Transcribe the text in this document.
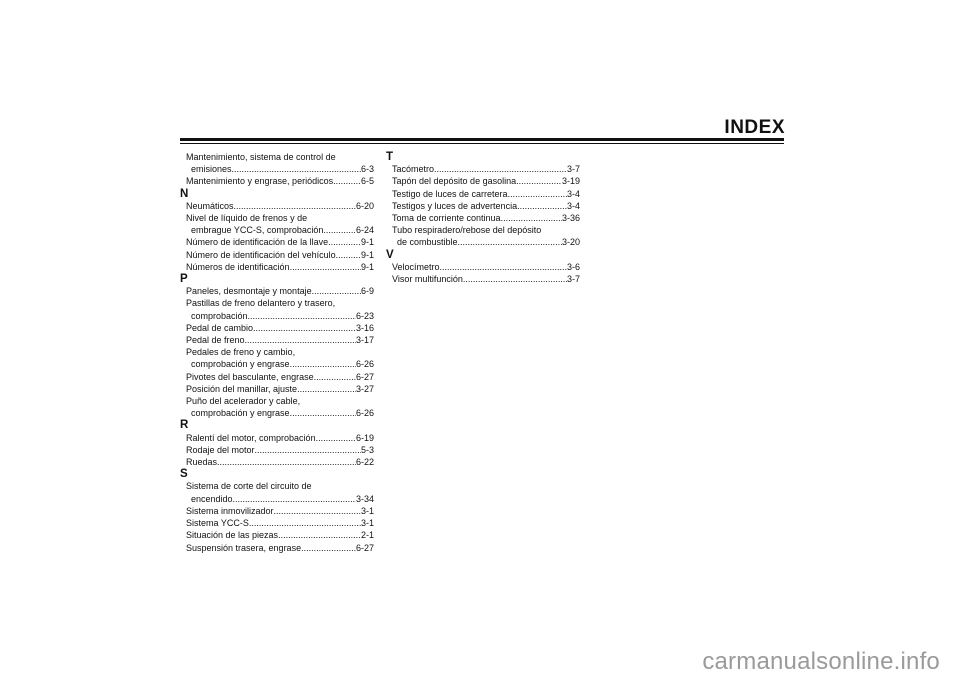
INDEX
Mantenimiento, sistema de control de
emisiones .....	6-3
Mantenimiento y engrase, periódicos .....	6-5
N
Neumáticos .....	6-20
Nivel de líquido de frenos y de
embrague YCC-S, comprobación .....	6-24
Número de identificación de la llave .....	9-1
Número de identificación del vehículo .....	9-1
Números de identificación .....	9-1
P
Paneles, desmontaje y montaje .....	6-9
Pastillas de freno delantero y trasero,
comprobación .....	6-23
Pedal de cambio .....	3-16
Pedal de freno .....	3-17
Pedales de freno y cambio,
comprobación y engrase .....	6-26
Pivotes del basculante, engrase .....	6-27
Posición del manillar, ajuste .....	3-27
Puño del acelerador y cable,
comprobación y engrase .....	6-26
R
Ralentí del motor, comprobación .....	6-19
Rodaje del motor .....	5-3
Ruedas .....	6-22
S
Sistema de corte del circuito de
encendido .....	3-34
Sistema inmovilizador .....	3-1
Sistema YCC-S .....	3-1
Situación de las piezas .....	2-1
Suspensión trasera, engrase .....	6-27
T
Tacómetro .....	3-7
Tapón del depósito de gasolina .....	3-19
Testigo de luces de carretera .....	3-4
Testigos y luces de advertencia .....	3-4
Toma de corriente continua .....	3-36
Tubo respiradero/rebose del depósito
de combustible .....	3-20
V
Velocímetro .....	3-6
Visor multifunción .....	3-7
carmanualsonline.info
